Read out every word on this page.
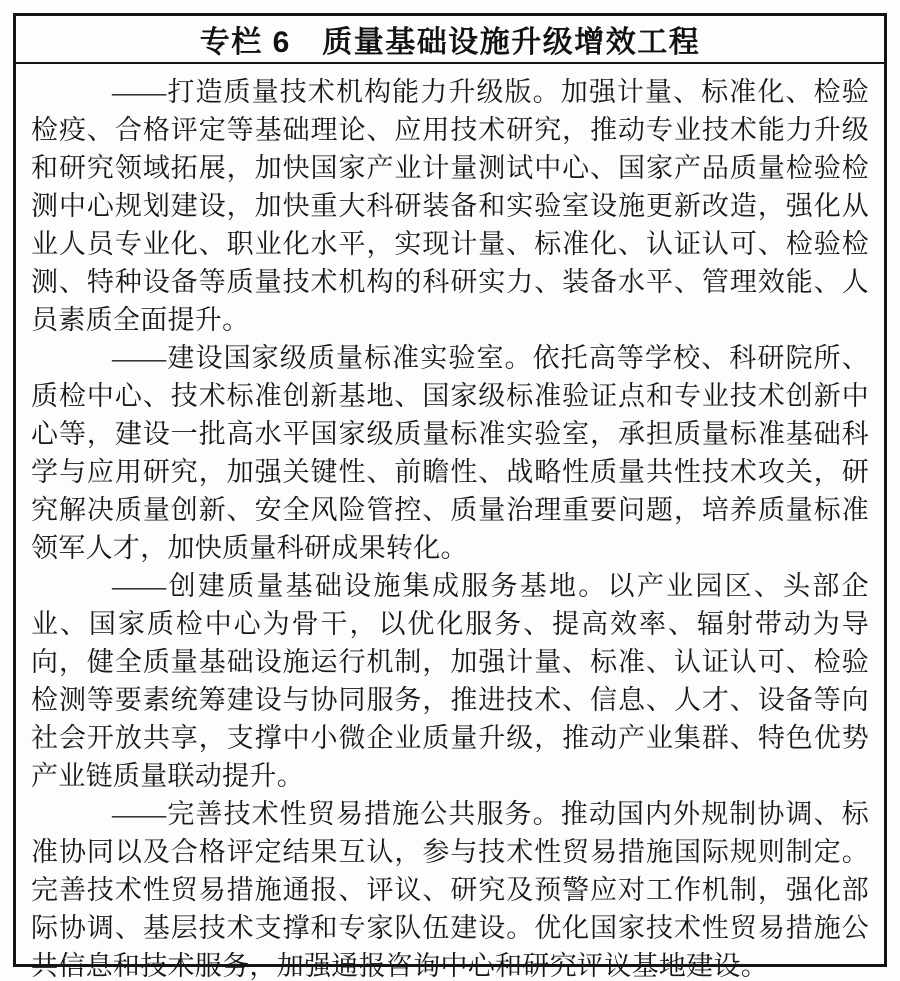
专栏 6　质量基础设施升级增效工程

——打造质量技术机构能力升级版。加强计量、标准化、检验检疫、合格评定等基础理论、应用技术研究，推动专业技术能力升级和研究领域拓展，加快国家产业计量测试中心、国家产品质量检验检测中心规划建设，加快重大科研装备和实验室设施更新改造，强化从业人员专业化、职业化水平，实现计量、标准化、认证认可、检验检测、特种设备等质量技术机构的科研实力、装备水平、管理效能、人员素质全面提升。

——建设国家级质量标准实验室。依托高等学校、科研院所、质检中心、技术标准创新基地、国家级标准验证点和专业技术创新中心等，建设一批高水平国家级质量标准实验室，承担质量标准基础科学与应用研究，加强关键性、前瞻性、战略性质量共性技术攻关，研究解决质量创新、安全风险管控、质量治理重要问题，培养质量标准领军人才，加快质量科研成果转化。

——创建质量基础设施集成服务基地。以产业园区、头部企业、国家质检中心为骨干，以优化服务、提高效率、辐射带动为导向，健全质量基础设施运行机制，加强计量、标准、认证认可、检验检测等要素统筹建设与协同服务，推进技术、信息、人才、设备等向社会开放共享，支撑中小微企业质量升级，推动产业集群、特色优势产业链质量联动提升。

——完善技术性贸易措施公共服务。推动国内外规制协调、标准协同以及合格评定结果互认，参与技术性贸易措施国际规则制定。完善技术性贸易措施通报、评议、研究及预警应对工作机制，强化部际协调、基层技术支撑和专家队伍建设。优化国家技术性贸易措施公共信息和技术服务，加强通报咨询中心和研究评议基地建设。
